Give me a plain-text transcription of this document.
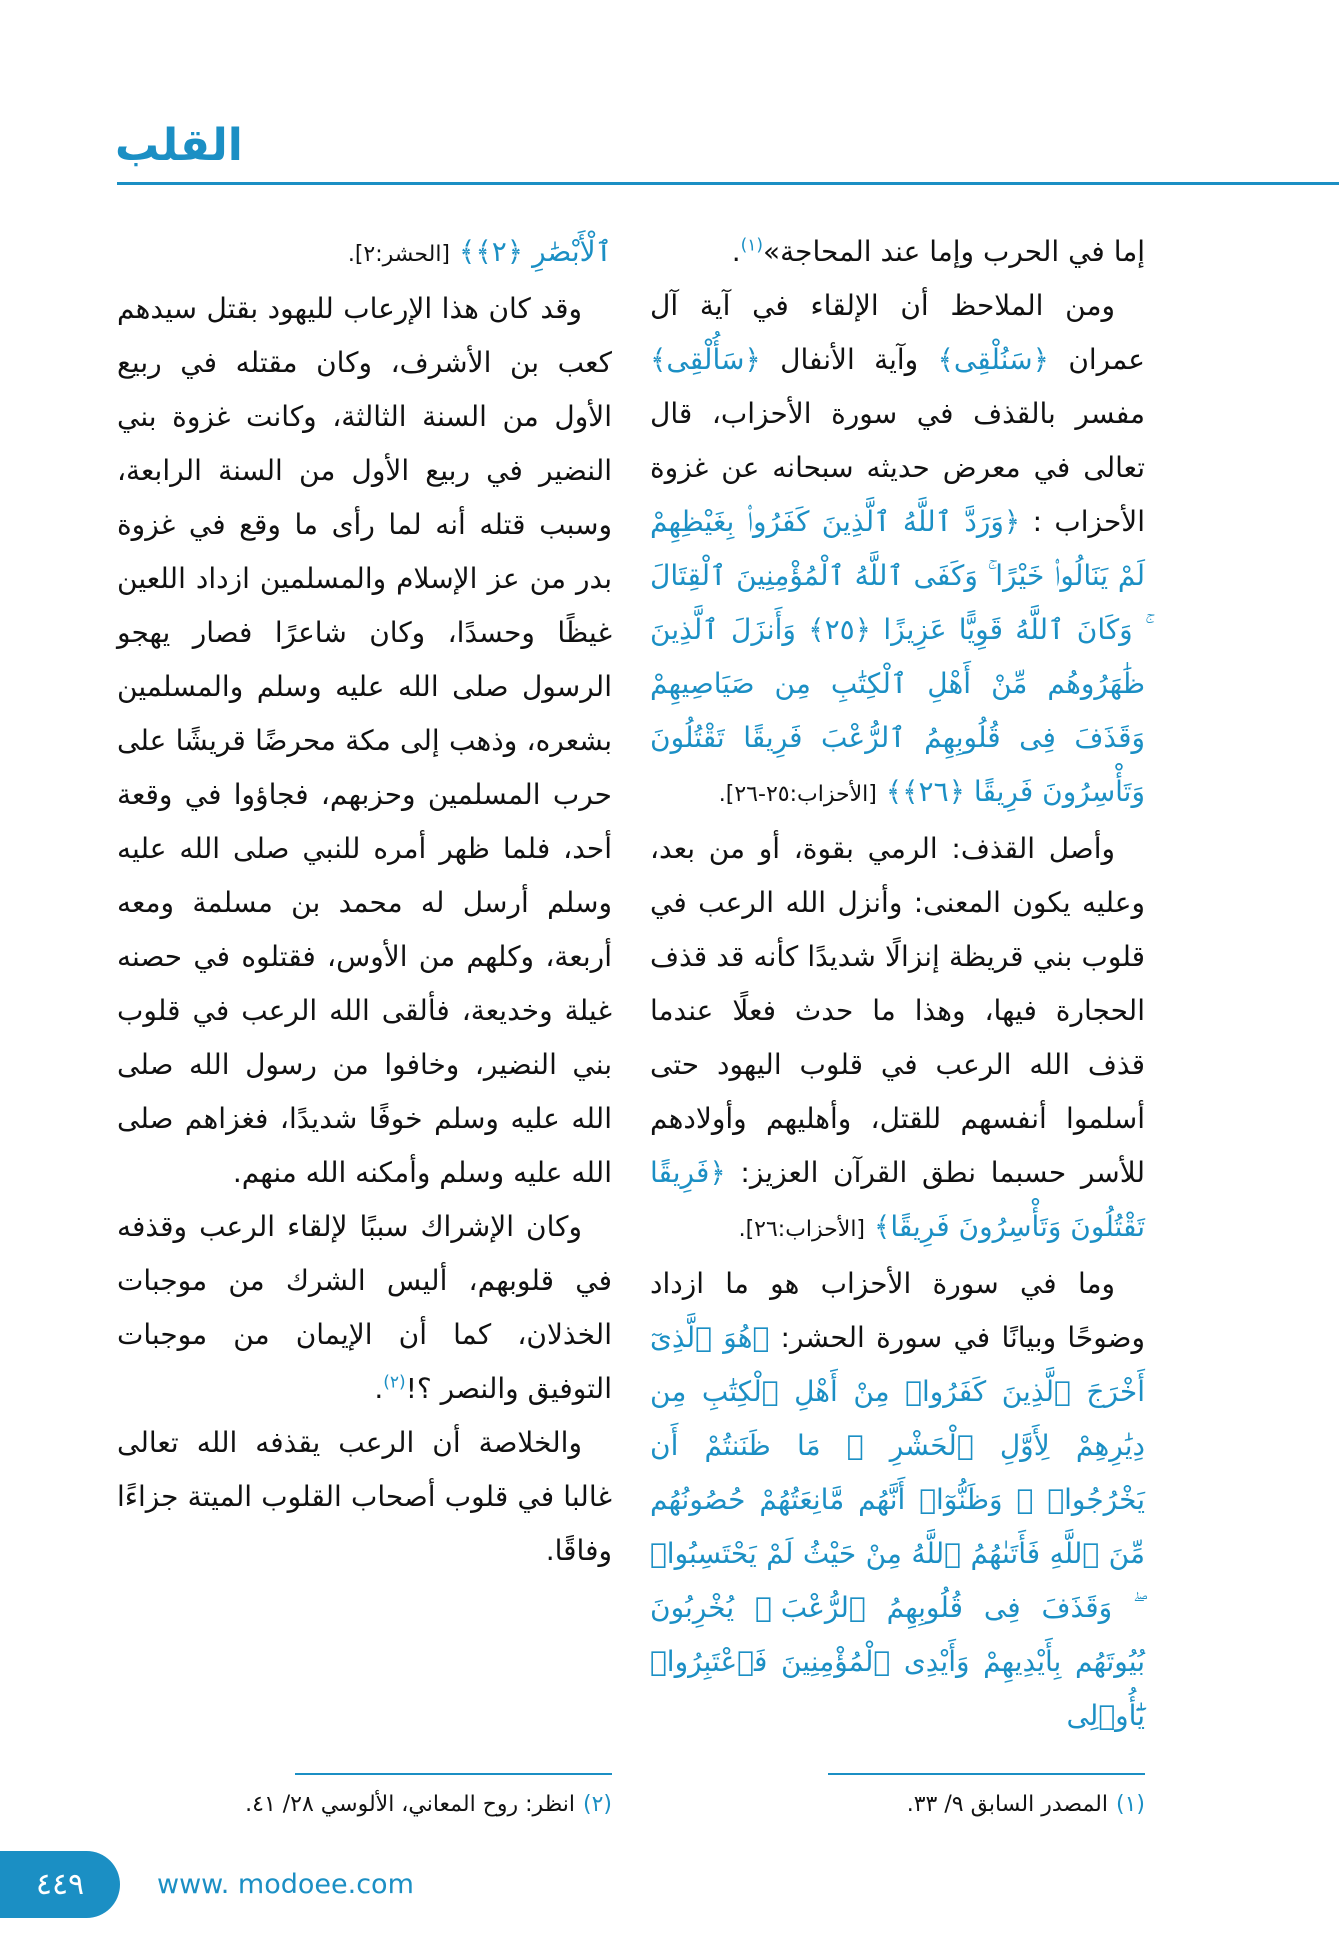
القلب

إما في الحرب وإما عند المحاجة»$^{(١)}$.

ومن الملاحظ أن الإلقاء في آية آل عمران ﴿سَنُلْقِى﴾ وآية الأنفال ﴿سَأُلْقِى﴾ مفسر بالقذف في سورة الأحزاب، قال تعالى في معرض حديثه سبحانه عن غزوة الأحزاب : ﴿وَرَدَّ ٱللَّهُ ٱلَّذِينَ كَفَرُوا۟ بِغَيْظِهِمْ لَمْ يَنَالُوا۟ خَيْرًا ۚ وَكَفَى ٱللَّهُ ٱلْمُؤْمِنِينَ ٱلْقِتَالَ ۚ وَكَانَ ٱللَّهُ قَوِيًّا عَزِيزًا ﴿٢٥﴾ وَأَنزَلَ ٱلَّذِينَ ظَٰهَرُوهُم مِّنْ أَهْلِ ٱلْكِتَٰبِ مِن صَيَاصِيهِمْ وَقَذَفَ فِى قُلُوبِهِمُ ٱلرُّعْبَ فَرِيقًا تَقْتُلُونَ وَتَأْسِرُونَ فَرِيقًا ﴿٢٦﴾﴾ [الأحزاب:٢٥-٢٦].

وأصل القذف: الرمي بقوة، أو من بعد، وعليه يكون المعنى: وأنزل الله الرعب في قلوب بني قريظة إنزالًا شديدًا كأنه قد قذف الحجارة فيها، وهذا ما حدث فعلًا عندما قذف الله الرعب في قلوب اليهود حتى أسلموا أنفسهم للقتل، وأهليهم وأولادهم للأسر حسبما نطق القرآن العزيز: ﴿فَرِيقًا تَقْتُلُونَ وَتَأْسِرُونَ فَرِيقًا﴾ [الأحزاب:٢٦].

وما في سورة الأحزاب هو ما ازداد وضوحًا وبيانًا في سورة الحشر: ﴿هُوَ ٱلَّذِىٓ أَخْرَجَ ٱلَّذِينَ كَفَرُوا۟ مِنْ أَهْلِ ٱلْكِتَٰبِ مِن دِيَٰرِهِمْ لِأَوَّلِ ٱلْحَشْرِ ۚ مَا ظَنَنتُمْ أَن يَخْرُجُوا۟ ۖ وَظَنُّوٓا۟ أَنَّهُم مَّانِعَتُهُمْ حُصُونُهُم مِّنَ ٱللَّهِ فَأَتَىٰهُمُ ٱللَّهُ مِنْ حَيْثُ لَمْ يَحْتَسِبُوا۟ ۖ وَقَذَفَ فِى قُلُوبِهِمُ ٱلرُّعْبَ ۚ يُخْرِبُونَ بُيُوتَهُم بِأَيْدِيهِمْ وَأَيْدِى ٱلْمُؤْمِنِينَ فَٱعْتَبِرُوا۟ يَٰٓأُو۟لِى

ٱلْأَبْصَٰرِ ﴿٢﴾﴾ [الحشر:٢].

وقد كان هذا الإرعاب لليهود بقتل سيدهم كعب بن الأشرف، وكان مقتله في ربيع الأول من السنة الثالثة، وكانت غزوة بني النضير في ربيع الأول من السنة الرابعة، وسبب قتله أنه لما رأى ما وقع في غزوة بدر من عز الإسلام والمسلمين ازداد اللعين غيظًا وحسدًا، وكان شاعرًا فصار يهجو الرسول صلى الله عليه وسلم والمسلمين بشعره، وذهب إلى مكة محرضًا قريشًا على حرب المسلمين وحزبهم، فجاؤوا في وقعة أحد، فلما ظهر أمره للنبي صلى الله عليه وسلم أرسل له محمد بن مسلمة ومعه أربعة، وكلهم من الأوس، فقتلوه في حصنه غيلة وخديعة، فألقى الله الرعب في قلوب بني النضير، وخافوا من رسول الله صلى الله عليه وسلم خوفًا شديدًا، فغزاهم صلى الله عليه وسلم وأمكنه الله منهم.

وكان الإشراك سببًا لإلقاء الرعب وقذفه في قلوبهم، أليس الشرك من موجبات الخذلان، كما أن الإيمان من موجبات التوفيق والنصر ؟!$^{(٢)}$.

والخلاصة أن الرعب يقذفه الله تعالى غالبا في قلوب أصحاب القلوب الميتة جزاءًا وفاقًا.

(١)المصدر السابق ٩/ ٣٣.
(٢)انظر: روح المعاني، الألوسي ٢٨/ ٤١.
٤٤٩	www. modoee.com
